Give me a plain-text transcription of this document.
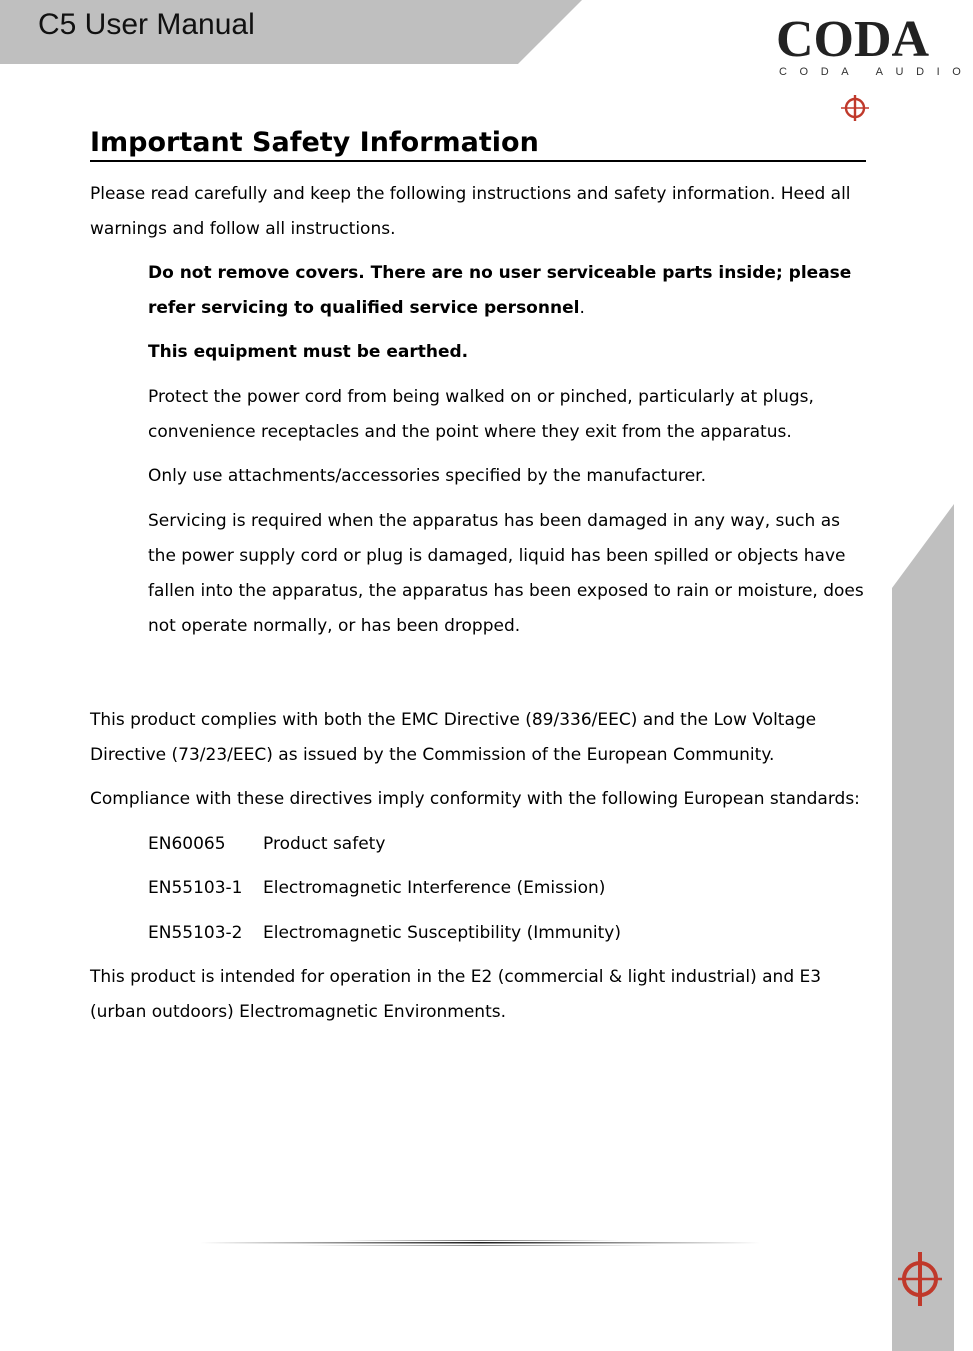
C5 User Manual	CODA
CODA AUDIO
Important Safety Information

Please read carefully and keep the following instructions and safety information. Heed all warnings and follow all instructions.

Do not remove covers. There are no user serviceable parts inside; please refer servicing to qualified service personnel.

This equipment must be earthed.

Protect the power cord from being walked on or pinched, particularly at plugs, convenience receptacles and the point where they exit from the apparatus.

Only use attachments/accessories specified by the manufacturer.

Servicing is required when the apparatus has been damaged in any way, such as the power supply cord or plug is damaged, liquid has been spilled or objects have fallen into the apparatus, the apparatus has been exposed to rain or moisture, does not operate normally, or has been dropped.

This product complies with both the EMC Directive (89/336/EEC) and the Low Voltage Directive (73/23/EEC) as issued by the Commission of the European Community.

Compliance with these directives imply conformity with the following European standards:

EN60065 Product safety
EN55103-1 Electromagnetic Interference (Emission)
EN55103-2 Electromagnetic Susceptibility (Immunity)

This product is intended for operation in the E2 (commercial & light industrial) and E3 (urban outdoors) Electromagnetic Environments.
